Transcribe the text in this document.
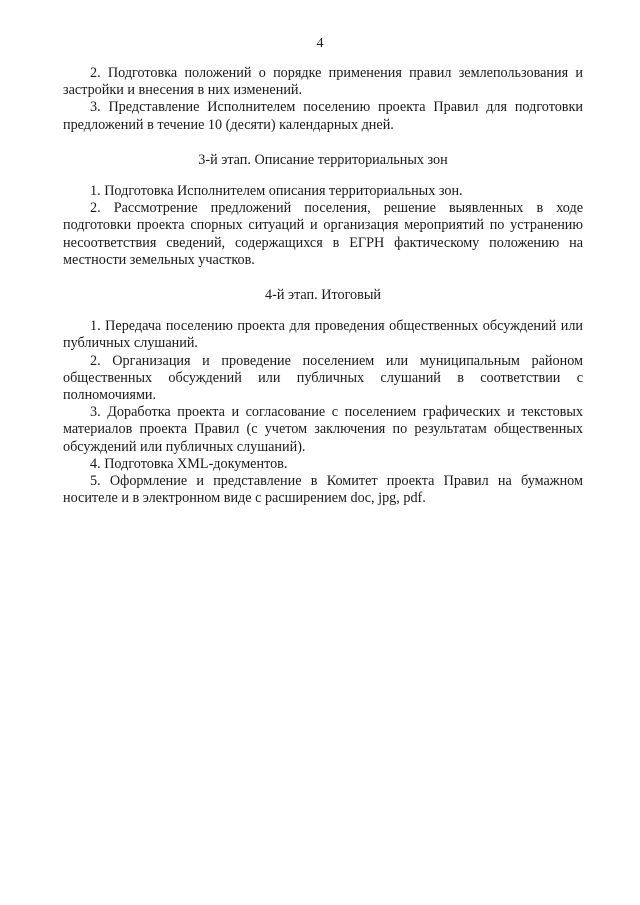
4

2. Подготовка положений о порядке применения правил землепользования и застройки и внесения в них изменений.

3. Представление Исполнителем поселению проекта Правил для подготовки предложений в течение 10 (десяти) календарных дней.

3-й этап. Описание территориальных зон

1. Подготовка Исполнителем описания территориальных зон.

2. Рассмотрение предложений поселения, решение выявленных в ходе подготовки проекта спорных ситуаций и организация мероприятий по устранению несоответствия сведений, содержащихся в ЕГРН фактическому положению на местности земельных участков.

4-й этап. Итоговый

1. Передача поселению проекта для проведения общественных обсуждений или публичных слушаний.

2. Организация и проведение поселением или муниципальным районом общественных обсуждений или публичных слушаний в соответствии с полномочиями.

3. Доработка проекта и согласование с поселением графических и текстовых материалов проекта Правил (с учетом заключения по результатам общественных обсуждений или публичных слушаний).

4. Подготовка XML-документов.

5. Оформление и представление в Комитет проекта Правил на бумажном носителе и в электронном виде с расширением doc, jpg, pdf.
